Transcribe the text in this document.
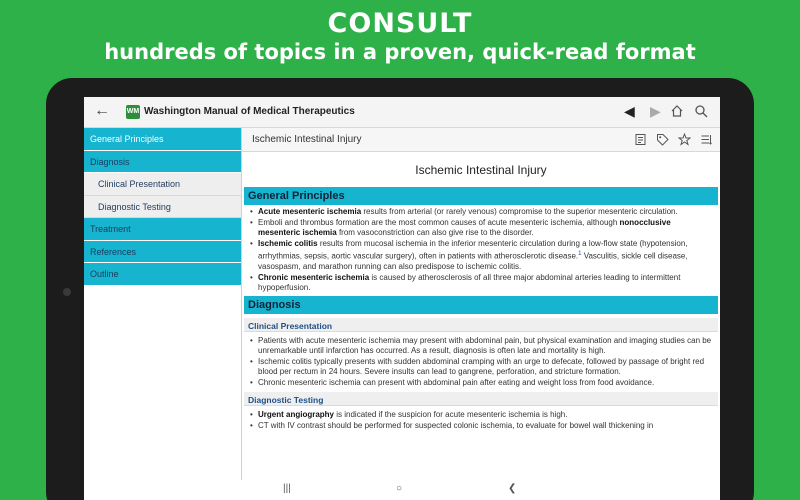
CONSULT
hundreds of topics in a proven, quick-read format
← WM Washington Manual of Medical Therapeutics	◀ ▶
General Principles
Diagnosis
Clinical Presentation
Diagnostic Testing
Treatment
References
Outline
Ischemic Intestinal Injury
Ischemic Intestinal Injury
General Principles
• Acute mesenteric ischemia results from arterial (or rarely venous) compromise to the superior mesenteric circulation.
• Emboli and thrombus formation are the most common causes of acute mesenteric ischemia, although nonocclusive mesenteric ischemia from vasoconstriction can also give rise to the disorder.
• Ischemic colitis results from mucosal ischemia in the inferior mesenteric circulation during a low-flow state (hypotension, arrhythmias, sepsis, aortic vascular surgery), often in patients with atherosclerotic disease.$^1$ Vasculitis, sickle cell disease, vasospasm, and marathon running can also predispose to ischemic colitis.
• Chronic mesenteric ischemia is caused by atherosclerosis of all three major abdominal arteries leading to intermittent hypoperfusion.
Diagnosis
Clinical Presentation
• Patients with acute mesenteric ischemia may present with abdominal pain, but physical examination and imaging studies can be unremarkable until infarction has occurred. As a result, diagnosis is often late and mortality is high.
• Ischemic colitis typically presents with sudden abdominal cramping with an urge to defecate, followed by passage of bright red blood per rectum in 24 hours. Severe insults can lead to gangrene, perforation, and stricture formation.
• Chronic mesenteric ischemia can present with abdominal pain after eating and weight loss from food avoidance.
Diagnostic Testing
• Urgent angiography is indicated if the suspicion for acute mesenteric ischemia is high.
• CT with IV contrast should be performed for suspected colonic ischemia, to evaluate for bowel wall thickening in
|||	○	❮
